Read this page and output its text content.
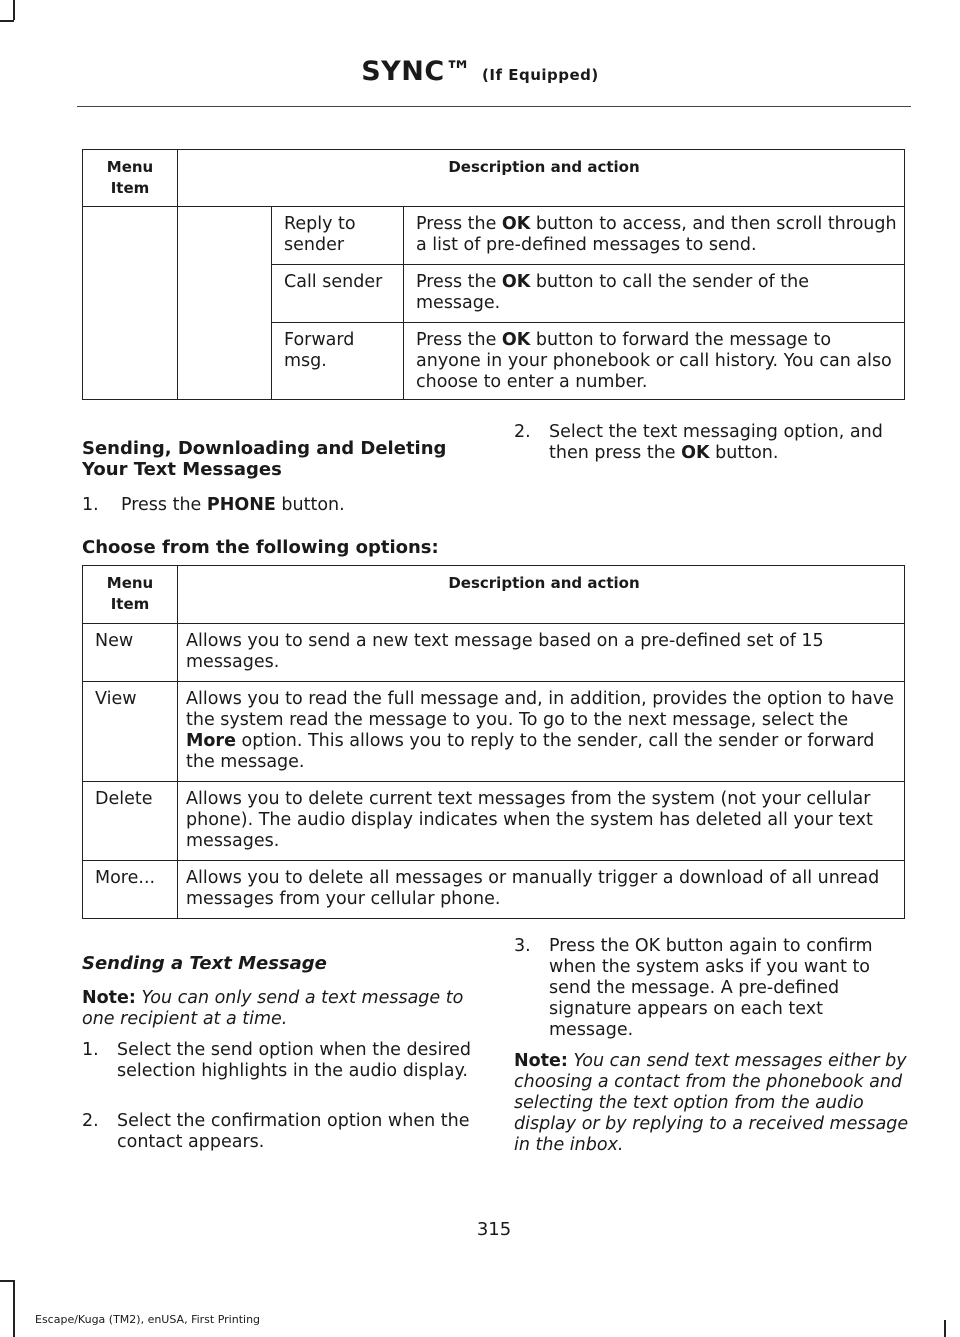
SYNC™ (If Equipped)
Menu Item	Description and action		
		Reply to sender	Press the OK button to access, and then scroll through a list of pre-defined messages to send.
		Call sender	Press the OK button to call the sender of the message.
		Forward msg.	Press the OK button to forward the message to anyone in your phonebook or call history. You can also choose to enter a number.
Sending, Downloading and Deleting Your Text Messages
1. Press the PHONE button.
2. Select the text messaging option, and then press the OK button.
Choose from the following options:
Menu Item	Description and action
New	Allows you to send a new text message based on a pre-defined set of 15 messages.
View	Allows you to read the full message and, in addition, provides the option to have the system read the message to you. To go to the next message, select the More option. This allows you to reply to the sender, call the sender or forward the message.
Delete	Allows you to delete current text messages from the system (not your cellular phone). The audio display indicates when the system has deleted all your text messages.
More...	Allows you to delete all messages or manually trigger a download of all unread messages from your cellular phone.
Sending a Text Message
Note: You can only send a text message to one recipient at a time.
1. Select the send option when the desired selection highlights in the audio display.
2. Select the confirmation option when the contact appears.
3. Press the OK button again to confirm when the system asks if you want to send the message. A pre-defined signature appears on each text message.
Note: You can send text messages either by choosing a contact from the phonebook and selecting the text option from the audio display or by replying to a received message in the inbox.
315
Escape/Kuga (TM2), enUSA, First Printing
